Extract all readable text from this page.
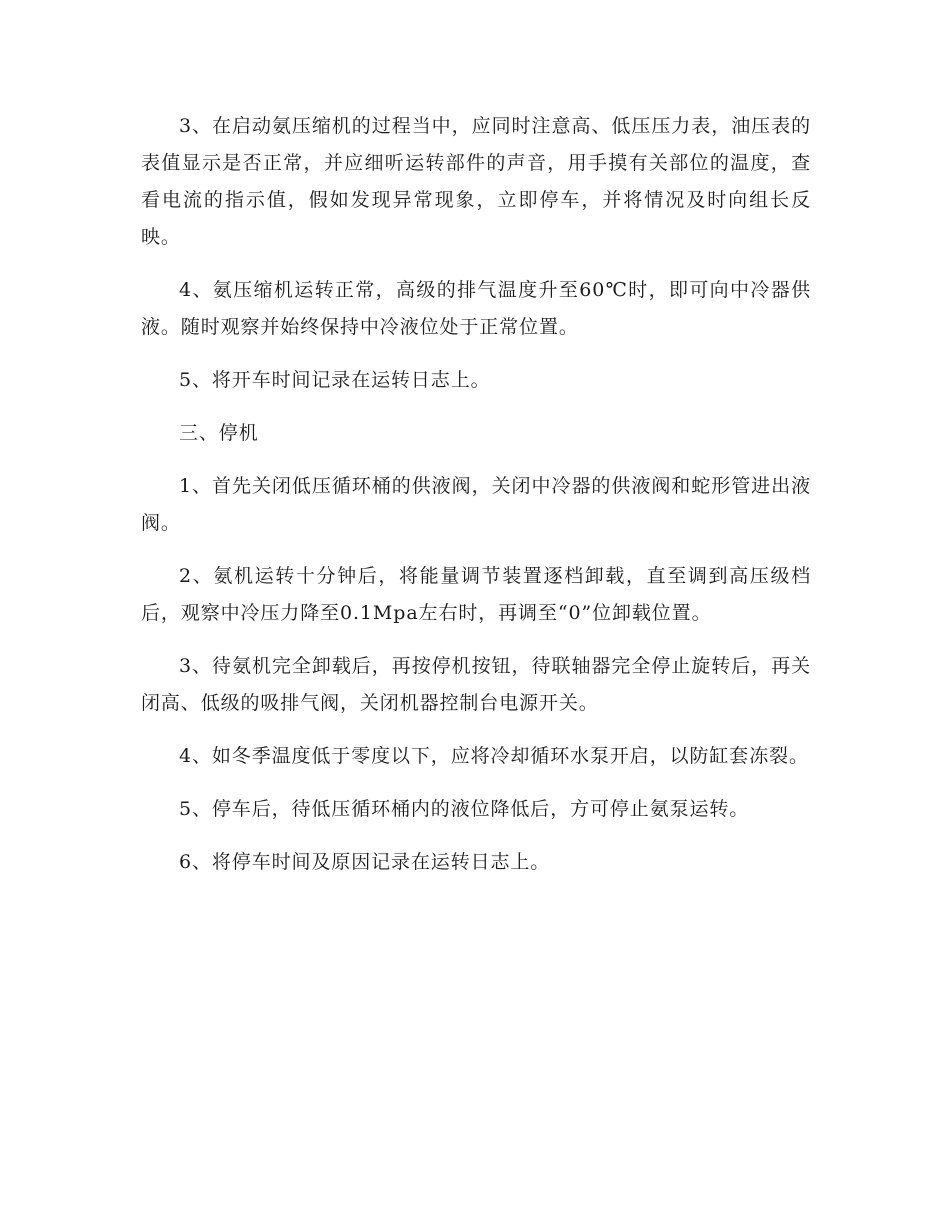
3、在启动氨压缩机的过程当中，应同时注意高、低压压力表，油压表的表值显示是否正常，并应细听运转部件的声音，用手摸有关部位的温度，查看电流的指示值，假如发现异常现象，立即停车，并将情况及时向组长反映。

4、氨压缩机运转正常，高级的排气温度升至60℃时，即可向中冷器供液。随时观察并始终保持中冷液位处于正常位置。

5、将开车时间记录在运转日志上。

三、停机

1、首先关闭低压循环桶的供液阀，关闭中冷器的供液阀和蛇形管进出液阀。

2、氨机运转十分钟后，将能量调节装置逐档卸载，直至调到高压级档后，观察中冷压力降至0.1Mpa左右时，再调至“0”位卸载位置。

3、待氨机完全卸载后，再按停机按钮，待联轴器完全停止旋转后，再关闭高、低级的吸排气阀，关闭机器控制台电源开关。

4、如冬季温度低于零度以下，应将冷却循环水泵开启，以防缸套冻裂。

5、停车后，待低压循环桶内的液位降低后，方可停止氨泵运转。

6、将停车时间及原因记录在运转日志上。
